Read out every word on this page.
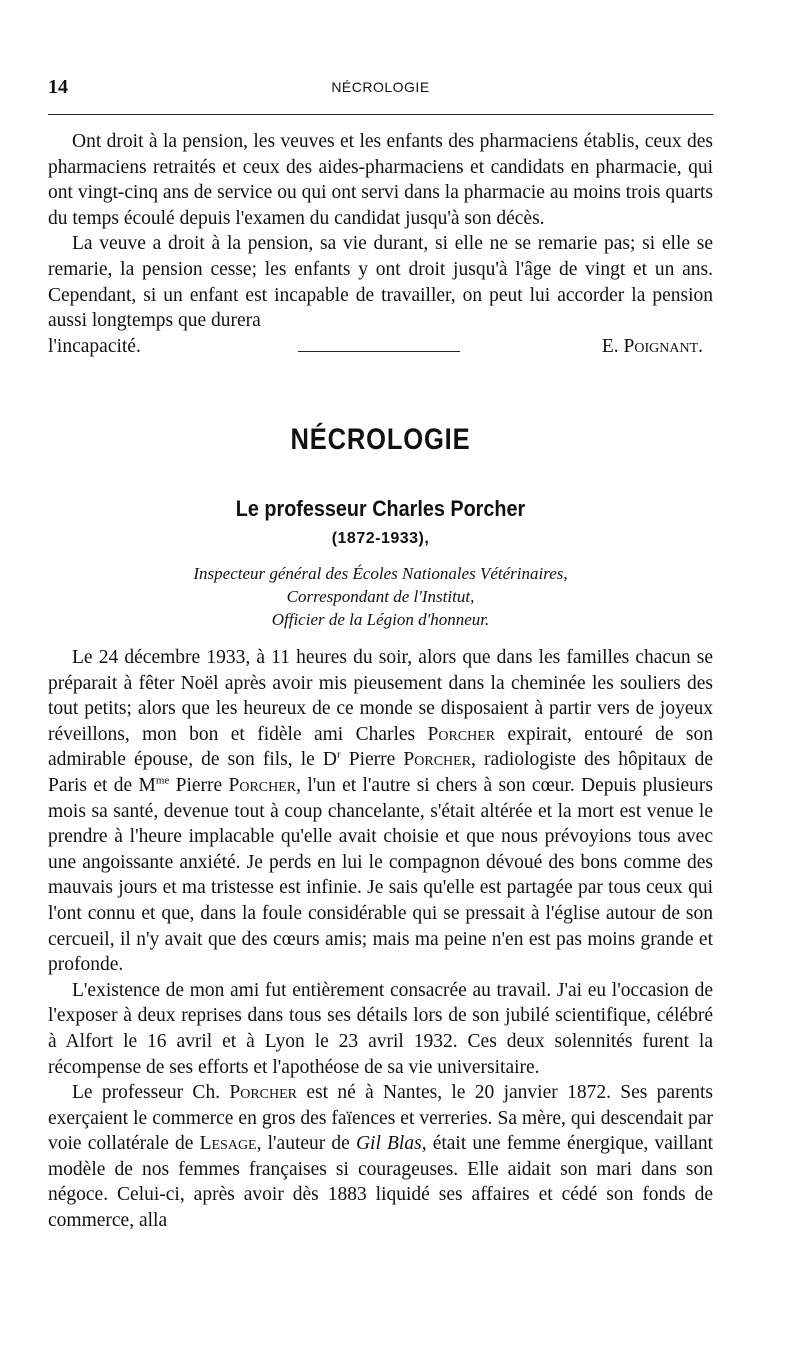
14	NÉCROLOGIE

Ont droit à la pension, les veuves et les enfants des pharmaciens établis, ceux des pharmaciens retraités et ceux des aides-pharmaciens et candidats en pharmacie, qui ont vingt-cinq ans de service ou qui ont servi dans la pharmacie au moins trois quarts du temps écoulé depuis l'examen du candidat jusqu'à son décès.

La veuve a droit à la pension, sa vie durant, si elle ne se remarie pas; si elle se remarie, la pension cesse; les enfants y ont droit jusqu'à l'âge de vingt et un ans. Cependant, si un enfant est incapable de travailler, on peut lui accorder la pension aussi longtemps que durera

l'incapacité.	E. Poignant.
NÉCROLOGIE
Le professeur Charles Porcher
(1872-1933),
Inspecteur général des Écoles Nationales Vétérinaires,
Correspondant de l'Institut,
Officier de la Légion d'honneur.

Le 24 décembre 1933, à 11 heures du soir, alors que dans les familles chacun se préparait à fêter Noël après avoir mis pieusement dans la cheminée les souliers des tout petits; alors que les heureux de ce monde se disposaient à partir vers de joyeux réveillons, mon bon et fidèle ami Charles Porcher expirait, entouré de son admirable épouse, de son fils, le $D^r$ Pierre Porcher, radiologiste des hôpitaux de Paris et de $M^{me}$ Pierre Porcher, l'un et l'autre si chers à son cœur. Depuis plusieurs mois sa santé, devenue tout à coup chancelante, s'était altérée et la mort est venue le prendre à l'heure implacable qu'elle avait choisie et que nous prévoyions tous avec une angoissante anxiété. Je perds en lui le compagnon dévoué des bons comme des mauvais jours et ma tristesse est infinie. Je sais qu'elle est partagée par tous ceux qui l'ont connu et que, dans la foule considérable qui se pressait à l'église autour de son cercueil, il n'y avait que des cœurs amis; mais ma peine n'en est pas moins grande et profonde.

L'existence de mon ami fut entièrement consacrée au travail. J'ai eu l'occasion de l'exposer à deux reprises dans tous ses détails lors de son jubilé scientifique, célébré à Alfort le 16 avril et à Lyon le 23 avril 1932. Ces deux solennités furent la récompense de ses efforts et l'apothéose de sa vie universitaire.

Le professeur Ch. Porcher est né à Nantes, le 20 janvier 1872. Ses parents exerçaient le commerce en gros des faïences et verreries. Sa mère, qui descendait par voie collatérale de Lesage, l'auteur de Gil Blas, était une femme énergique, vaillant modèle de nos femmes françaises si courageuses. Elle aidait son mari dans son négoce. Celui-ci, après avoir dès 1883 liquidé ses affaires et cédé son fonds de commerce, alla
